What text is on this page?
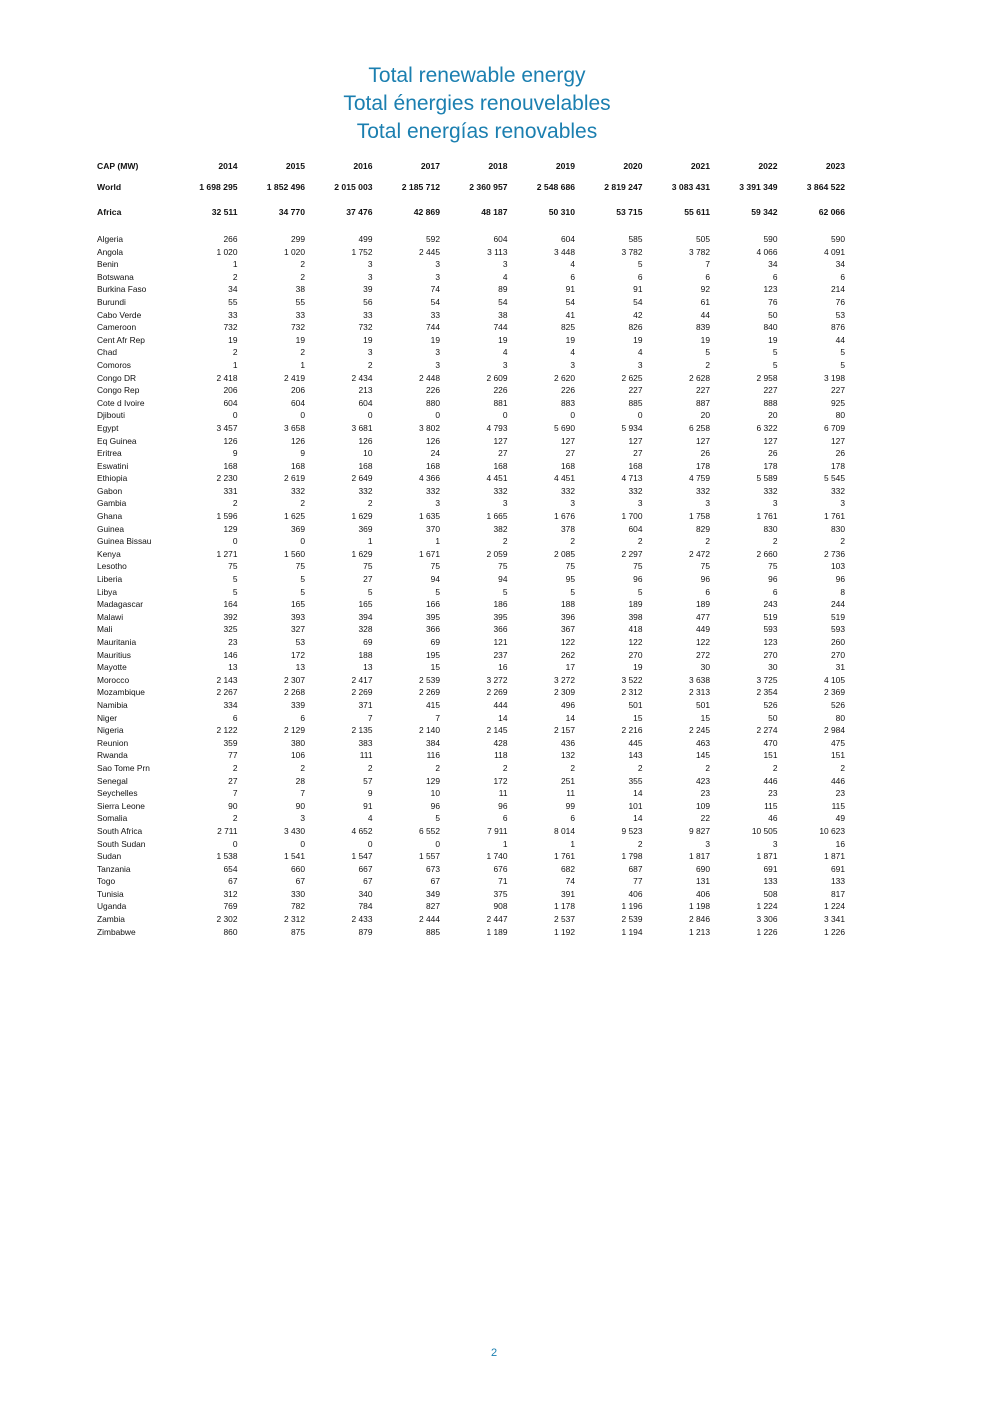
Total renewable energy
Total énergies renouvelables
Total energías renovables
CAP (MW)	2014	2015	2016	2017	2018	2019	2020	2021	2022	2023
World	1 698 295	1 852 496	2 015 003	2 185 712	2 360 957	2 548 686	2 819 247	3 083 431	3 391 349	3 864 522
Africa	32 511	34 770	37 476	42 869	48 187	50 310	53 715	55 611	59 342	62 066

Algeria	266	299	499	592	604	604	585	505	590	590
Angola	1 020	1 020	1 752	2 445	3 113	3 448	3 782	3 782	4 066	4 091
Benin	1	2	3	3	3	4	5	7	34	34
Botswana	2	2	3	3	4	6	6	6	6	6
Burkina Faso	34	38	39	74	89	91	91	92	123	214
Burundi	55	55	56	54	54	54	54	61	76	76
Cabo Verde	33	33	33	33	38	41	42	44	50	53
Cameroon	732	732	732	744	744	825	826	839	840	876
Cent Afr Rep	19	19	19	19	19	19	19	19	19	44
Chad	2	2	3	3	4	4	4	5	5	5
Comoros	1	1	2	3	3	3	3	2	5	5
Congo DR	2 418	2 419	2 434	2 448	2 609	2 620	2 625	2 628	2 958	3 198
Congo Rep	206	206	213	226	226	226	227	227	227	227
Cote d Ivoire	604	604	604	880	881	883	885	887	888	925
Djibouti	0	0	0	0	0	0	0	20	20	80
Egypt	3 457	3 658	3 681	3 802	4 793	5 690	5 934	6 258	6 322	6 709
Eq Guinea	126	126	126	126	127	127	127	127	127	127
Eritrea	9	9	10	24	27	27	27	26	26	26
Eswatini	168	168	168	168	168	168	168	178	178	178
Ethiopia	2 230	2 619	2 649	4 366	4 451	4 451	4 713	4 759	5 589	5 545
Gabon	331	332	332	332	332	332	332	332	332	332
Gambia	2	2	2	3	3	3	3	3	3	3
Ghana	1 596	1 625	1 629	1 635	1 665	1 676	1 700	1 758	1 761	1 761
Guinea	129	369	369	370	382	378	604	829	830	830
Guinea Bissau	0	0	1	1	2	2	2	2	2	2
Kenya	1 271	1 560	1 629	1 671	2 059	2 085	2 297	2 472	2 660	2 736
Lesotho	75	75	75	75	75	75	75	75	75	103
Liberia	5	5	27	94	94	95	96	96	96	96
Libya	5	5	5	5	5	5	5	6	6	8
Madagascar	164	165	165	166	186	188	189	189	243	244
Malawi	392	393	394	395	395	396	398	477	519	519
Mali	325	327	328	366	366	367	418	449	593	593
Mauritania	23	53	69	69	121	122	122	122	123	260
Mauritius	146	172	188	195	237	262	270	272	270	270
Mayotte	13	13	13	15	16	17	19	30	30	31
Morocco	2 143	2 307	2 417	2 539	3 272	3 272	3 522	3 638	3 725	4 105
Mozambique	2 267	2 268	2 269	2 269	2 269	2 309	2 312	2 313	2 354	2 369
Namibia	334	339	371	415	444	496	501	501	526	526
Niger	6	6	7	7	14	14	15	15	50	80
Nigeria	2 122	2 129	2 135	2 140	2 145	2 157	2 216	2 245	2 274	2 984
Reunion	359	380	383	384	428	436	445	463	470	475
Rwanda	77	106	111	116	118	132	143	145	151	151
Sao Tome Prn	2	2	2	2	2	2	2	2	2	2
Senegal	27	28	57	129	172	251	355	423	446	446
Seychelles	7	7	9	10	11	11	14	23	23	23
Sierra Leone	90	90	91	96	96	99	101	109	115	115
Somalia	2	3	4	5	6	6	14	22	46	49
South Africa	2 711	3 430	4 652	6 552	7 911	8 014	9 523	9 827	10 505	10 623
South Sudan	0	0	0	0	1	1	2	3	3	16
Sudan	1 538	1 541	1 547	1 557	1 740	1 761	1 798	1 817	1 871	1 871
Tanzania	654	660	667	673	676	682	687	690	691	691
Togo	67	67	67	67	71	74	77	131	133	133
Tunisia	312	330	340	349	375	391	406	406	508	817
Uganda	769	782	784	827	908	1 178	1 196	1 198	1 224	1 224
Zambia	2 302	2 312	2 433	2 444	2 447	2 537	2 539	2 846	3 306	3 341
Zimbabwe	860	875	879	885	1 189	1 192	1 194	1 213	1 226	1 226
2
